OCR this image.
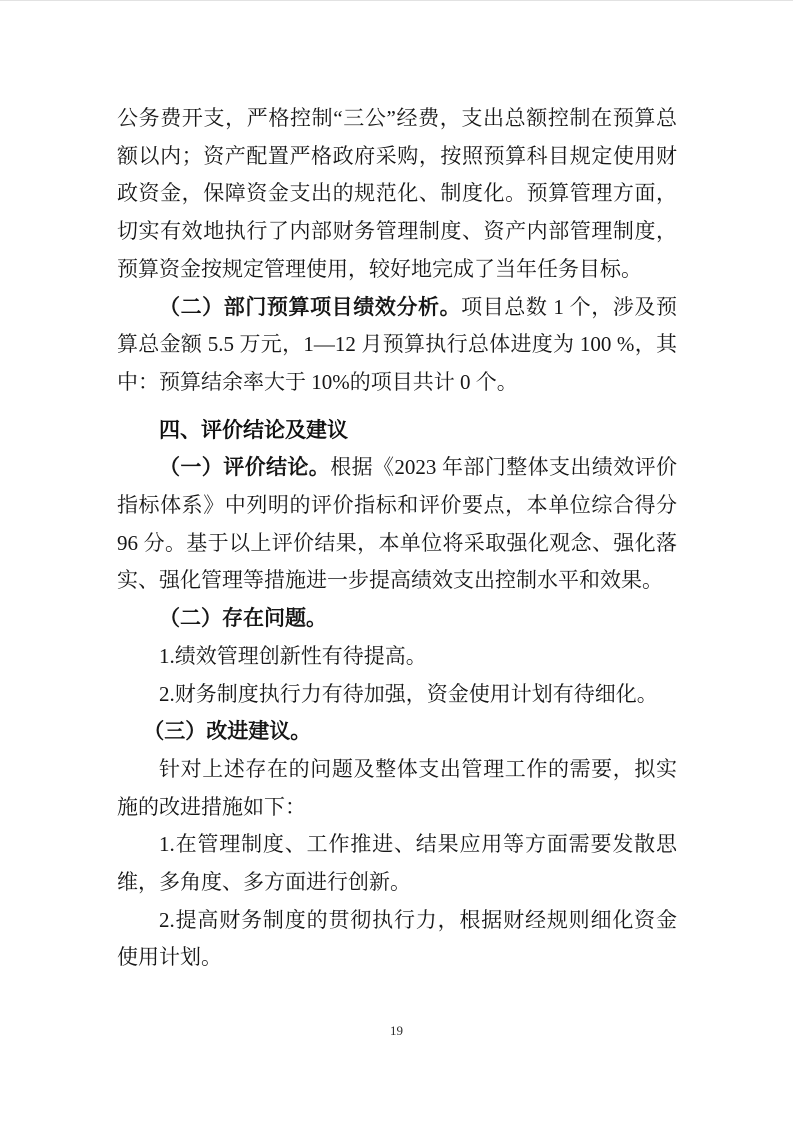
公务费开支，严格控制“三公”经费，支出总额控制在预算总额以内；资产配置严格政府采购，按照预算科目规定使用财政资金，保障资金支出的规范化、制度化。预算管理方面，切实有效地执行了内部财务管理制度、资产内部管理制度，预算资金按规定管理使用，较好地完成了当年任务目标。

（二）部门预算项目绩效分析。项目总数 1 个，涉及预算总金额 5.5 万元，1—12 月预算执行总体进度为 100 %，其中：预算结余率大于 10%的项目共计 0 个。

四、评价结论及建议

（一）评价结论。根据《2023 年部门整体支出绩效评价指标体系》中列明的评价指标和评价要点，本单位综合得分 96 分。基于以上评价结果，本单位将采取强化观念、强化落实、强化管理等措施进一步提高绩效支出控制水平和效果。

（二）存在问题。

1.绩效管理创新性有待提高。

2.财务制度执行力有待加强，资金使用计划有待细化。

（三）改进建议。

针对上述存在的问题及整体支出管理工作的需要，拟实施的改进措施如下：

1.在管理制度、工作推进、结果应用等方面需要发散思维，多角度、多方面进行创新。

2.提高财务制度的贯彻执行力，根据财经规则细化资金使用计划。

19
